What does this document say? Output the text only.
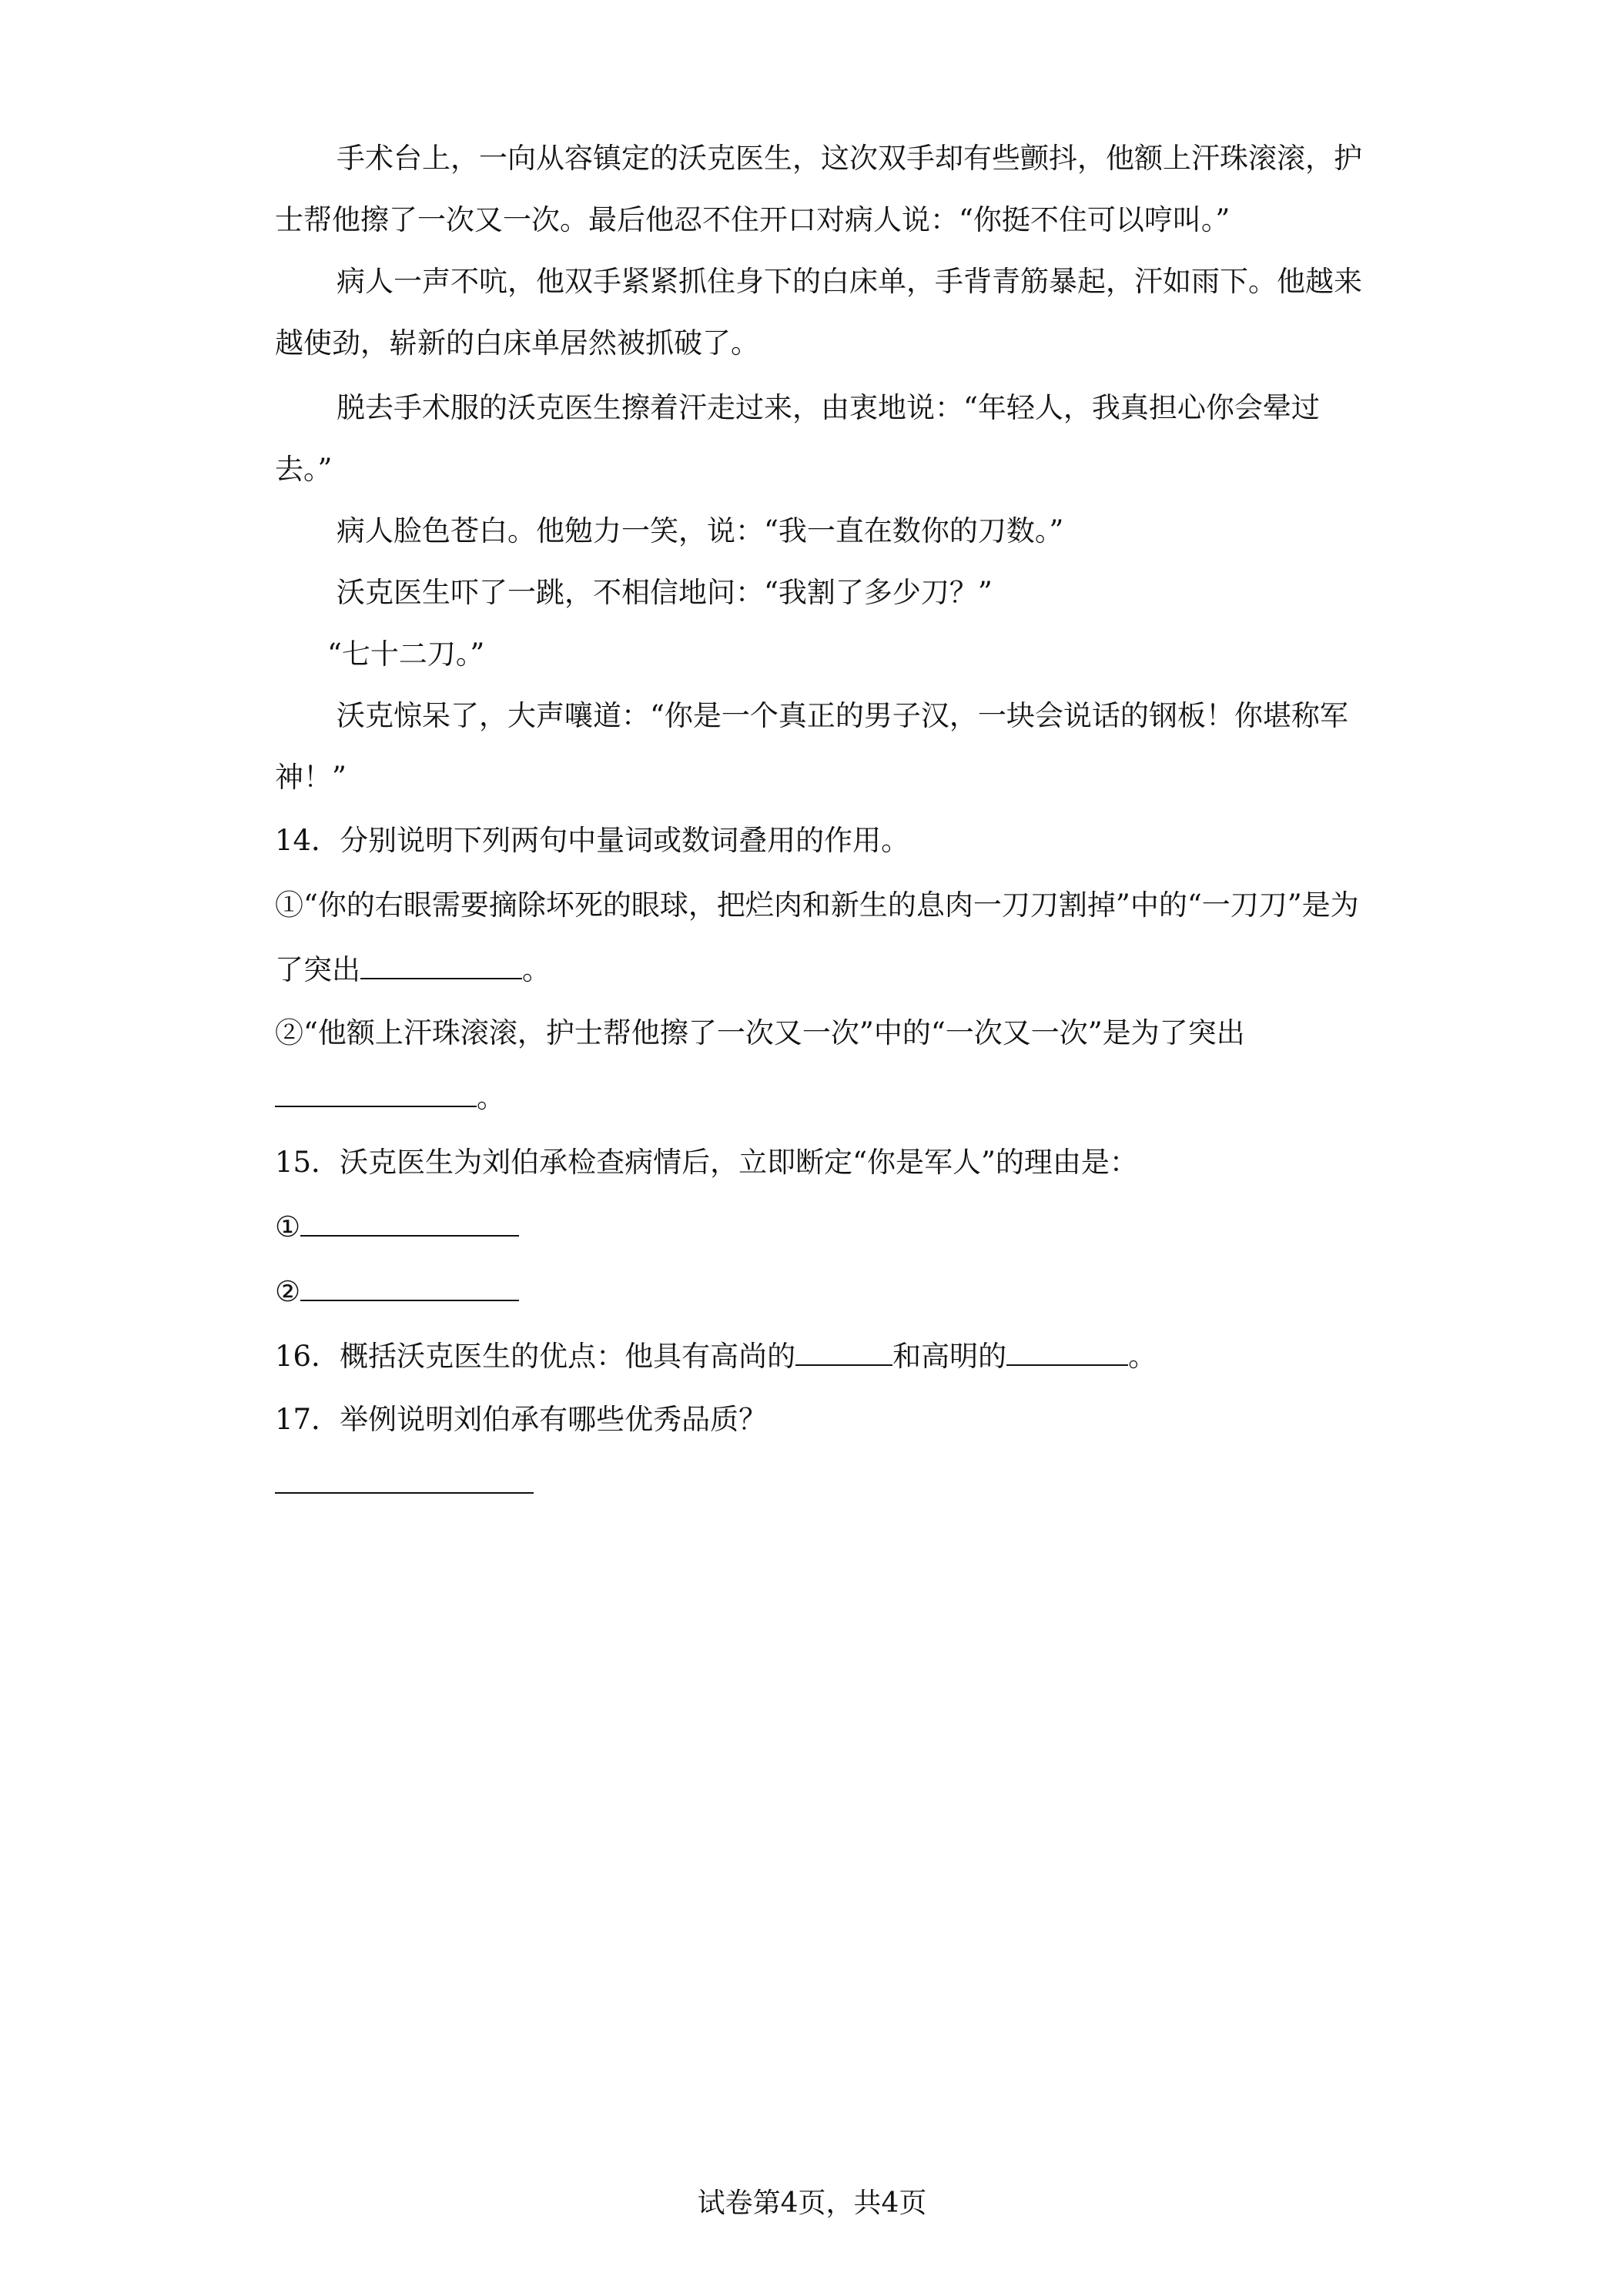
手术台上，一向从容镇定的沃克医生，这次双手却有些颤抖，他额上汗珠滚滚，护
士帮他擦了一次又一次。最后他忍不住开口对病人说：“你挺不住可以哼叫。”
病人一声不吭，他双手紧紧抓住身下的白床单，手背青筋暴起，汗如雨下。他越来
越使劲，崭新的白床单居然被抓破了。
脱去手术服的沃克医生擦着汗走过来，由衷地说：“年轻人，我真担心你会晕过
去。”
病人脸色苍白。他勉力一笑，说：“我一直在数你的刀数。”
沃克医生吓了一跳，不相信地问：“我割了多少刀？”
“七十二刀。”
沃克惊呆了，大声嚷道：“你是一个真正的男子汉，一块会说话的钢板！你堪称军
神！”
14．分别说明下列两句中量词或数词叠用的作用。
①“你的右眼需要摘除坏死的眼球，把烂肉和新生的息肉一刀刀割掉”中的“一刀刀”是为
了突出	。
②“他额上汗珠滚滚，护士帮他擦了一次又一次”中的“一次又一次”是为了突出
。
15．沃克医生为刘伯承检查病情后，立即断定“你是军人”的理由是：
①
②
16．概括沃克医生的优点：他具有高尚的	和高明的	。
17．举例说明刘伯承有哪些优秀品质？
试卷第4页，共4页
